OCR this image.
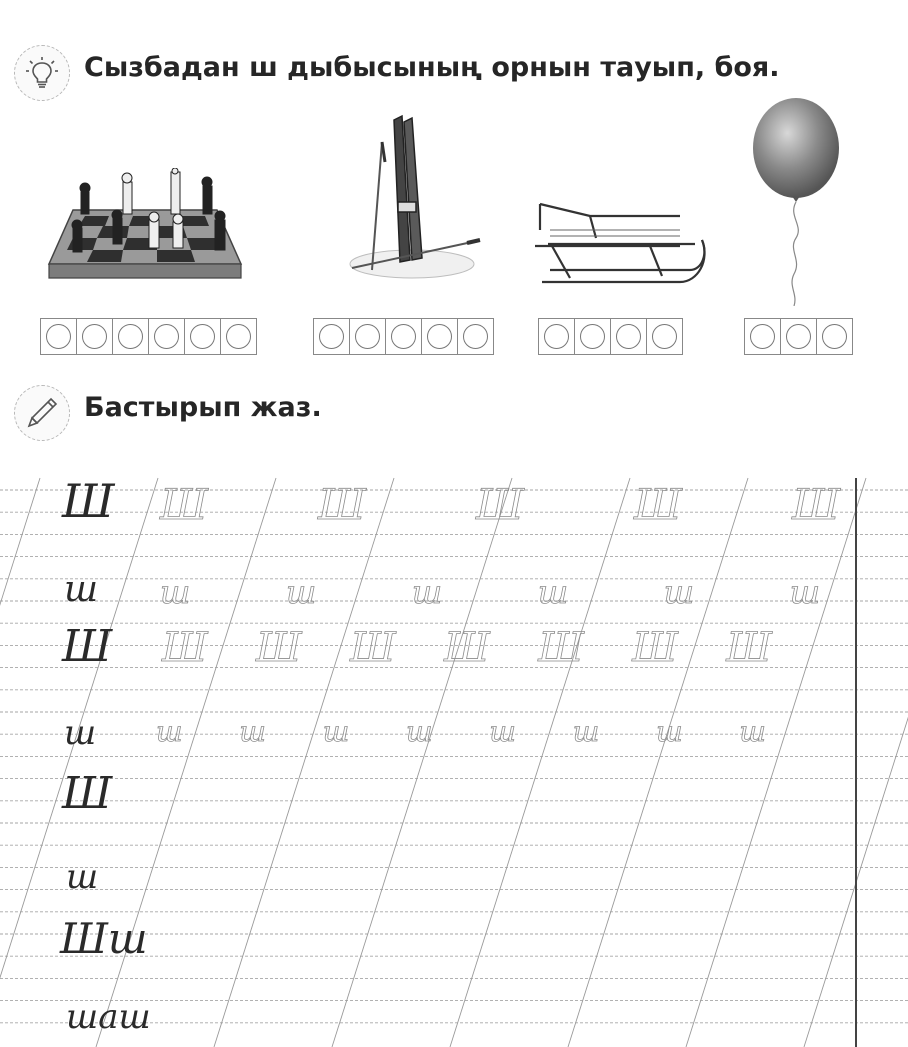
Сызбадан ш дыбысының орнын тауып, боя.
Бастырып жаз.
Ш Ш	Ш	Ш	Ш	Ш
ш ш	ш	ш	ш	ш	ш
Ш Ш Ш Ш Ш Ш Ш Ш
ш ш ш ш ш ш ш ш ш
Ш
ш
Шш
шаш
